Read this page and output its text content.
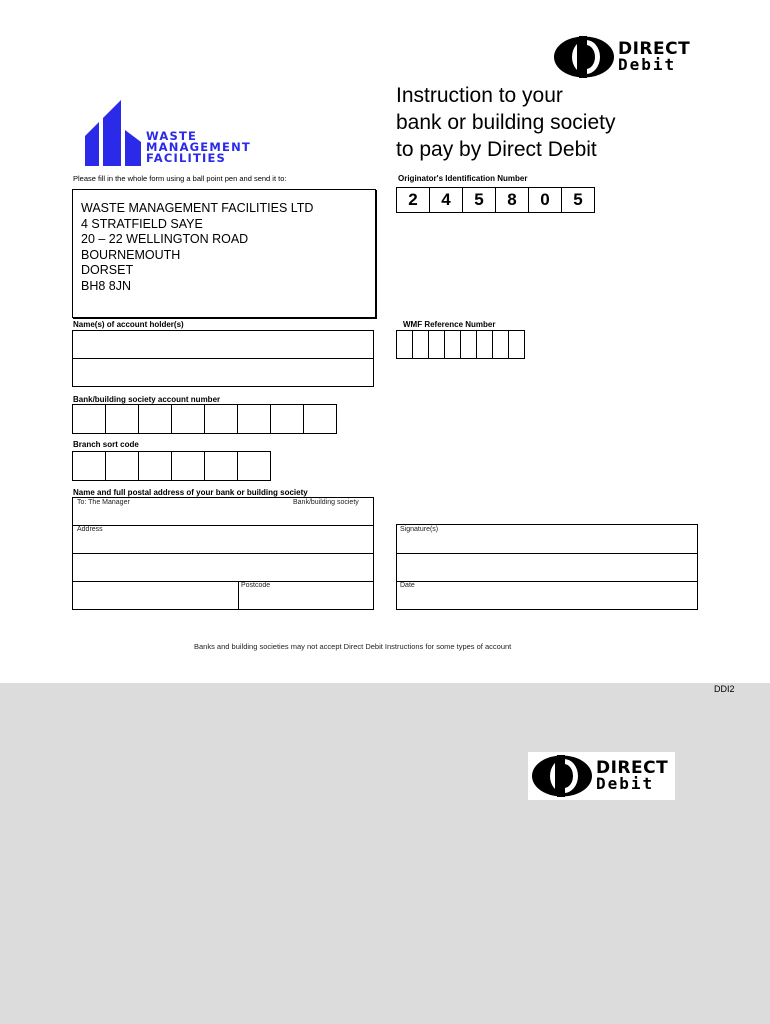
DIRECT
Debit
WASTE
MANAGEMENT
FACILITIES
Instruction to your
bank or building society
to pay by Direct Debit
Please fill in the whole form using a ball point pen and send it to:
WASTE MANAGEMENT FACILITIES LTD
4 STRATFIELD SAYE
20 – 22 WELLINGTON ROAD
BOURNEMOUTH
DORSET
BH8 8JN
Originator's Identification Number
2	4	5	8	0	5
Name(s) of account holder(s)	WMF Reference Number
Bank/building society account number
Branch sort code
Name and full postal address of your bank or building society
To: The Manager	Bank/building society
Address
Postcode
Signature(s)
Date
Banks and building societies may not accept Direct Debit Instructions for some types of account
DDI2
DIRECT
Debit
